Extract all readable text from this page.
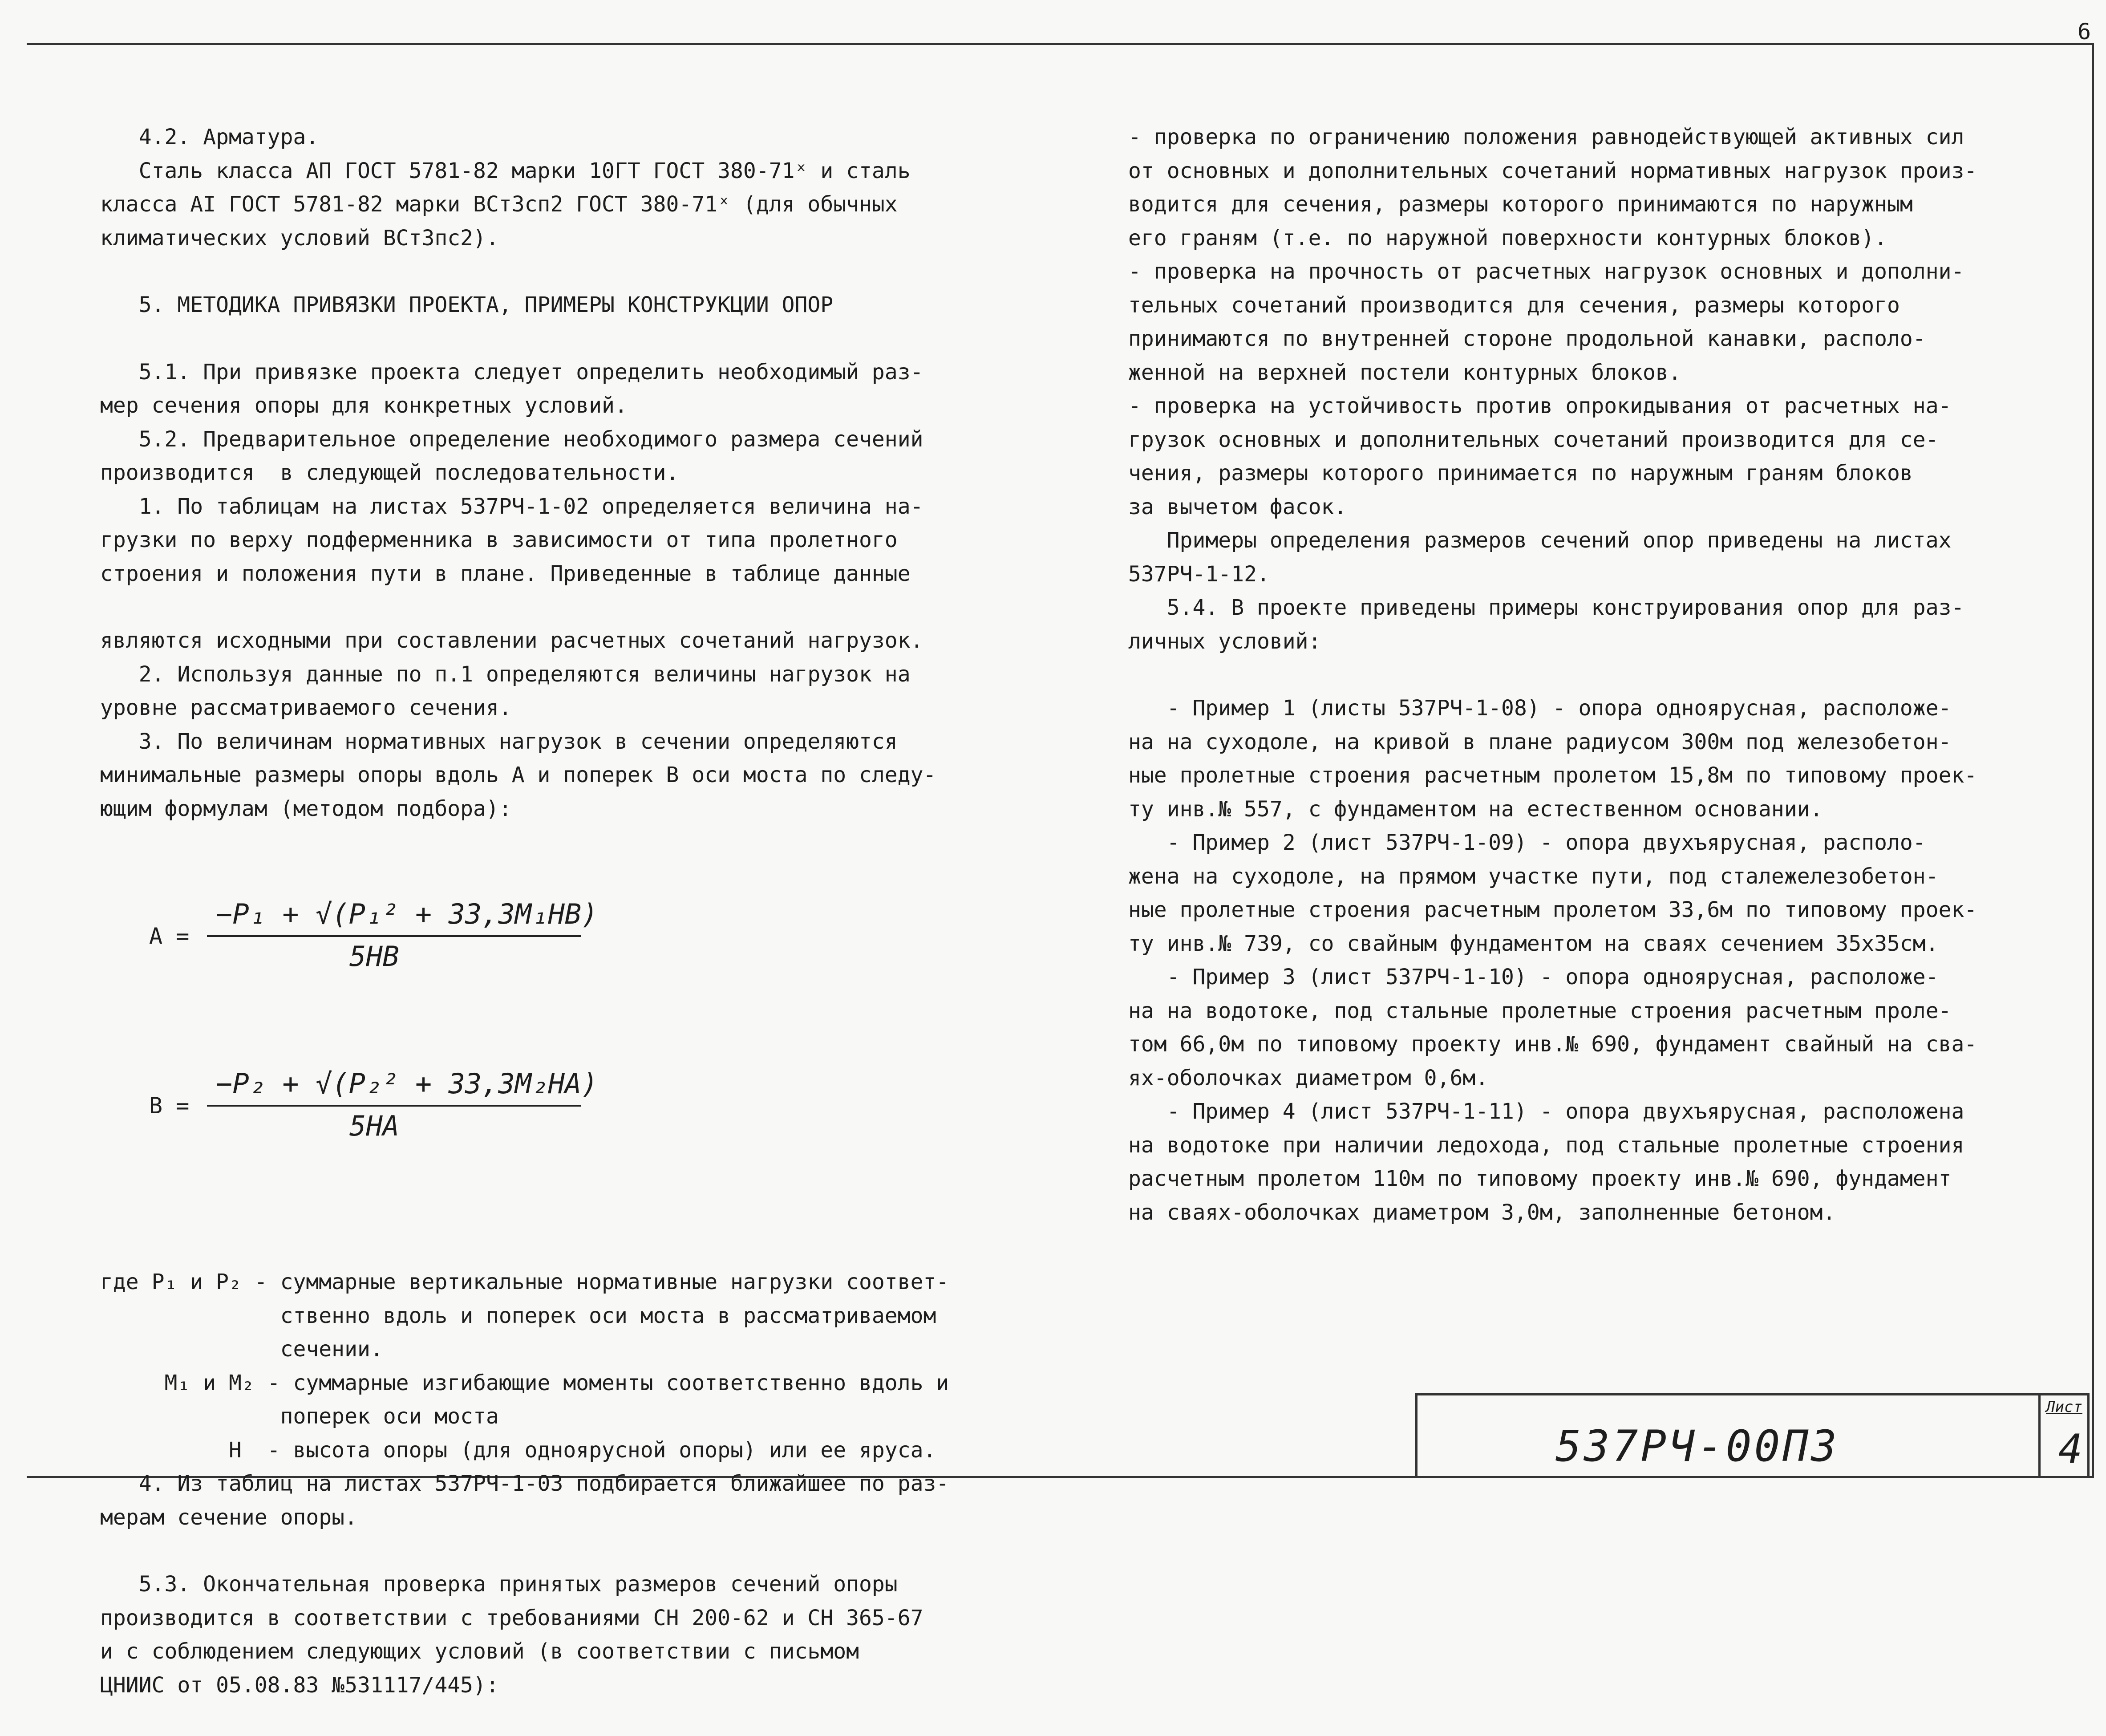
6

4.2. Арматура.

Сталь класса АП ГОСТ 5781-82 марки 10ГТ ГОСТ 380-71ˣ и сталь

классa АI ГОСТ 5781-82 марки ВСт3сп2 ГОСТ 380-71ˣ (для обычных

климатических условий ВСт3пс2).

5. МЕТОДИКА ПРИВЯЗКИ ПРОЕКТА, ПРИМЕРЫ КОНСТРУКЦИИ ОПОР

5.1. При привязке проекта следует определить необходимый раз-

мер сечения опоры для конкретных условий.

5.2. Предварительное определение необходимого размера сечений

производится  в следующей последовательности.

1. По таблицам на листах 537РЧ-1-02 определяется величина на-

грузки по верху подферменника в зависимости от типа пролетного

строения и положения пути в плане. Приведенные в таблице данные

являются исходными при составлении расчетных сочетаний нагрузок.

2. Используя данные по п.1 определяются величины нагрузок на

уровне рассматриваемого сечения.

3. По величинам нормативных нагрузок в сечении определяются

минимальные размеры опоры вдоль А и поперек В оси моста по следу-

ющим формулам (методом подбора):

А =

−P₁ + √(P₁² + 33,3M₁HB)

5HB

В =

−P₂ + √(P₂² + 33,3M₂HA)

5HA

где P₁ и P₂ - суммарные вертикальные нормативные нагрузки соответ-

ственно вдоль и поперек оси моста в рассматриваемом

сечении.

M₁ и M₂ - суммарные изгибающие моменты соответственно вдоль и

поперек оси моста

H  - высота опоры (для одноярусной опоры) или ее яруса.

4. Из таблиц на листах 537РЧ-1-03 подбирается ближайшее по раз-

мерам сечение опоры.

5.3. Окончательная проверка принятых размеров сечений опоры

производится в соответствии с требованиями СН 200-62 и СН 365-67

и с соблюдением следующих условий (в соответствии с письмом

ЦНИИС от 05.08.83 №531117/445):

- проверка по ограничению положения равнодействующей активных сил

от основных и дополнительных сочетаний нормативных нагрузок произ-

водится для сечения, размеры которого принимаются по наружным

его граням (т.е. по наружной поверхности контурных блоков).

- проверка на прочность от расчетных нагрузок основных и дополни-

тельных сочетаний производится для сечения, размеры которого

принимаются по внутренней стороне продольной канавки, располо-

женной на верхней постели контурных блоков.

- проверка на устойчивость против опрокидывания от расчетных на-

грузок основных и дополнительных сочетаний производится для се-

чения, размеры которого принимается по наружным граням блоков

за вычетом фасок.

Примеры определения размеров сечений опор приведены на листах

537РЧ-1-12.

5.4. В проекте приведены примеры конструирования опор для раз-

личных условий:

- Пример 1 (листы 537РЧ-1-08) - опора одноярусная, расположе-

на на суходоле, на кривой в плане радиусом 300м под железобетон-

ные пролетные строения расчетным пролетом 15,8м по типовому проек-

ту инв.№ 557, с фундаментом на естественном основании.

- Пример 2 (лист 537РЧ-1-09) - опора двухъярусная, располо-

жена на суходоле, на прямом участке пути, под сталежелезобетон-

ные пролетные строения расчетным пролетом 33,6м по типовому проек-

ту инв.№ 739, со свайным фундаментом на сваях сечением 35х35см.

- Пример 3 (лист 537РЧ-1-10) - опора одноярусная, расположе-

на на водотоке, под стальные пролетные строения расчетным проле-

том 66,0м по типовому проекту инв.№ 690, фундамент свайный на сва-

ях-оболочках диаметром 0,6м.

- Пример 4 (лист 537РЧ-1-11) - опора двухъярусная, расположена

на водотоке при наличии ледохода, под стальные пролетные строения

расчетным пролетом 110м по типовому проекту инв.№ 690, фундамент

на сваях-оболочках диаметром 3,0м, заполненные бетоном.

537РЧ-00П3
Лист
4
